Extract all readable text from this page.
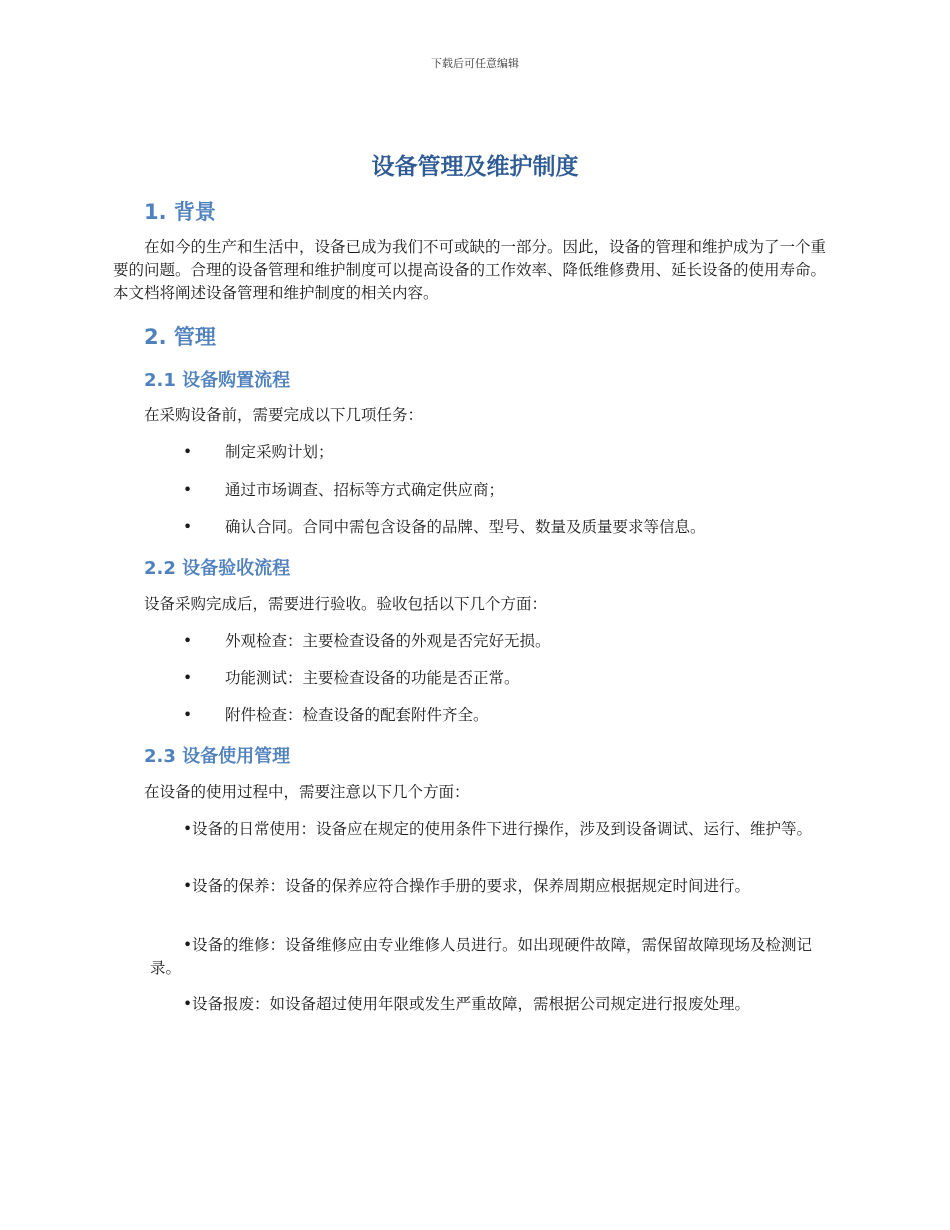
下载后可任意编辑
设备管理及维护制度
1. 背景
在如今的生产和生活中，设备已成为我们不可或缺的一部分。因此，设备的管理和维护成为了一个重要的问题。合理的设备管理和维护制度可以提高设备的工作效率、降低维修费用、延长设备的使用寿命。本文档将阐述设备管理和维护制度的相关内容。
2. 管理
2.1 设备购置流程
在采购设备前，需要完成以下几项任务：
• 制定采购计划；
• 通过市场调查、招标等方式确定供应商；
• 确认合同。合同中需包含设备的品牌、型号、数量及质量要求等信息。
2.2 设备验收流程
设备采购完成后，需要进行验收。验收包括以下几个方面：
• 外观检查：主要检查设备的外观是否完好无损。
• 功能测试：主要检查设备的功能是否正常。
• 附件检查：检查设备的配套附件齐全。
2.3 设备使用管理
在设备的使用过程中，需要注意以下几个方面：
•设备的日常使用：设备应在规定的使用条件下进行操作，涉及到设备调试、运行、维护等。
•设备的保养：设备的保养应符合操作手册的要求，保养周期应根据规定时间进行。
•设备的维修：设备维修应由专业维修人员进行。如出现硬件故障，需保留故障现场及检测记录。
•设备报废：如设备超过使用年限或发生严重故障，需根据公司规定进行报废处理。
